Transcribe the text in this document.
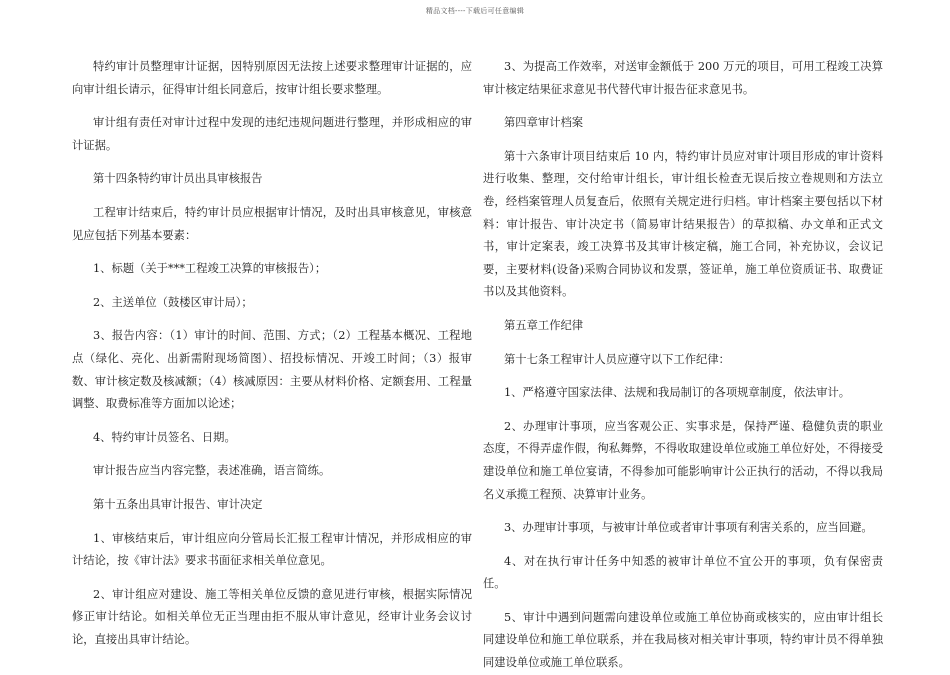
精品文档----下载后可任意编辑

特约审计员整理审计证据，因特别原因无法按上述要求整理审计证据的，应向审计组长请示，征得审计组长同意后，按审计组长要求整理。

审计组有责任对审计过程中发现的违纪违规问题进行整理，并形成相应的审计证据。

第十四条特约审计员出具审核报告

工程审计结束后，特约审计员应根据审计情况，及时出具审核意见，审核意见应包括下列基本要素：

1、标题（关于***工程竣工决算的审核报告）；

2、主送单位（鼓楼区审计局）；

3、报告内容：（1）审计的时间、范围、方式；（2）工程基本概况、工程地点（绿化、亮化、出新需附现场简图）、招投标情况、开竣工时间；（3）报审数、审计核定数及核减额；（4）核减原因：主要从材料价格、定额套用、工程量调整、取费标准等方面加以论述；

4、特约审计员签名、日期。

审计报告应当内容完整，表述准确，语言简练。

第十五条出具审计报告、审计决定

1、审核结束后，审计组应向分管局长汇报工程审计情况，并形成相应的审计结论，按《审计法》要求书面征求相关单位意见。

2、审计组应对建设、施工等相关单位反馈的意见进行审核，根据实际情况修正审计结论。如相关单位无正当理由拒不服从审计意见，经审计业务会议讨论，直接出具审计结论。

3、为提高工作效率，对送审金额低于 200 万元的项目，可用工程竣工决算审计核定结果征求意见书代替代审计报告征求意见书。

第四章审计档案

第十六条审计项目结束后 10 内，特约审计员应对审计项目形成的审计资料进行收集、整理，交付给审计组长，审计组长检查无误后按立卷规则和方法立卷，经档案管理人员复查后，依照有关规定进行归档。审计档案主要包括以下材料：审计报告、审计决定书（简易审计结果报告）的草拟稿、办文单和正式文书，审计定案表，竣工决算书及其审计核定稿，施工合同，补充协议，会议记要，主要材料(设备)采购合同协议和发票，签证单，施工单位资质证书、取费证书以及其他资料。

第五章工作纪律

第十七条工程审计人员应遵守以下工作纪律：

1、严格遵守国家法律、法规和我局制订的各项规章制度，依法审计。

2、办理审计事项，应当客观公正、实事求是，保持严谨、稳健负责的职业态度，不得弄虚作假，徇私舞弊，不得收取建设单位或施工单位好处，不得接受建设单位和施工单位宴请，不得参加可能影响审计公正执行的活动，不得以我局名义承揽工程预、决算审计业务。

3、办理审计事项，与被审计单位或者审计事项有利害关系的，应当回避。

4、对在执行审计任务中知悉的被审计单位不宜公开的事项，负有保密责任。

5、审计中遇到问题需向建设单位或施工单位协商或核实的，应由审计组长同建设单位和施工单位联系，并在我局核对相关审计事项，特约审计员不得单独同建设单位或施工单位联系。
